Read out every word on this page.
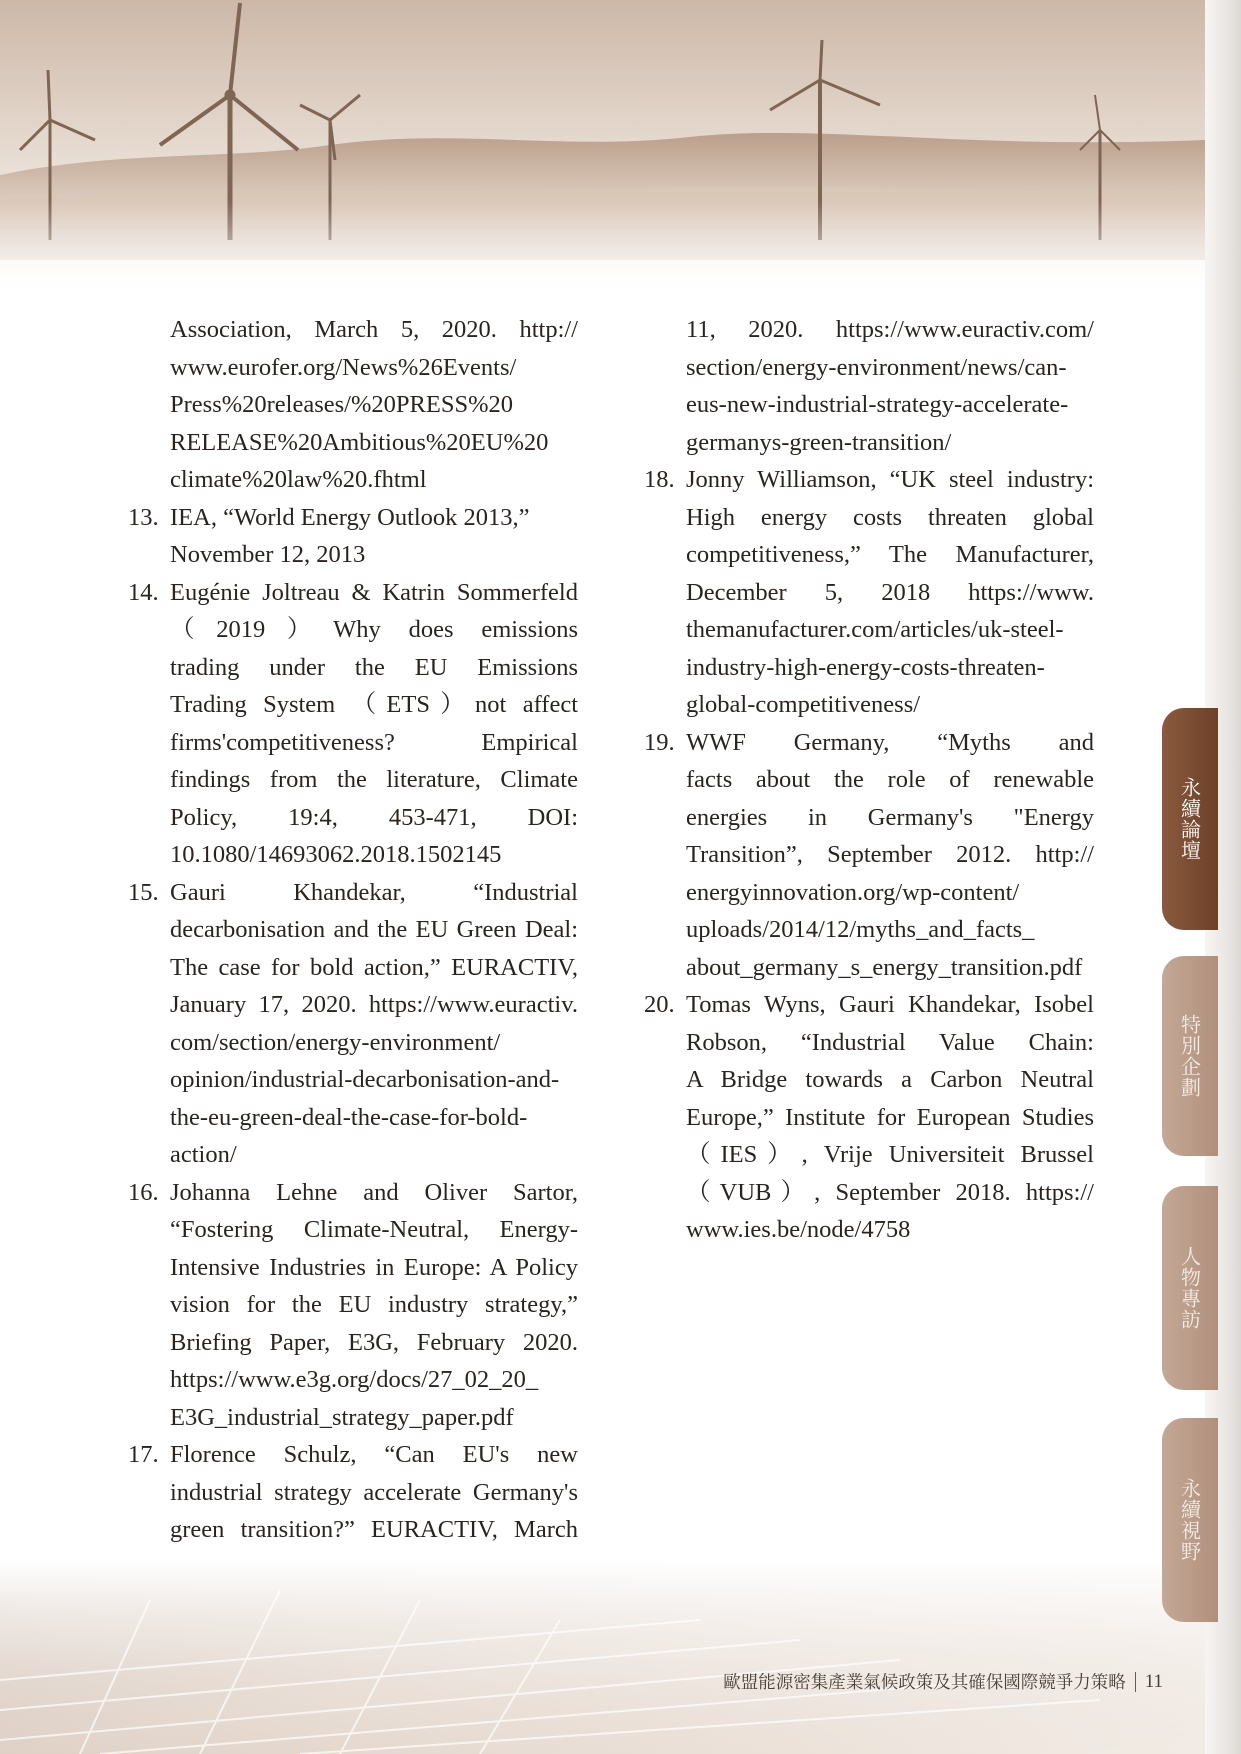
Association, March 5, 2020. http://
www.eurofer.org/News%26Events/
Press%20releases/%20PRESS%20
RELEASE%20Ambitious%20EU%20
climate%20law%20.fhtml
13. IEA, “World Energy Outlook 2013,”
November 12, 2013
14. Eugénie Joltreau & Katrin Sommerfeld
（2019）Why does emissions
trading under the EU Emissions
Trading System （ETS）not affect
firms'competitiveness? Empirical
findings from the literature, Climate
Policy, 19:4, 453-471, DOI:
10.1080/14693062.2018.1502145
15. Gauri Khandekar, “Industrial
decarbonisation and the EU Green Deal:
The case for bold action,” EURACTIV,
January 17, 2020. https://www.euractiv.
com/section/energy-environment/
opinion/industrial-decarbonisation-and-
the-eu-green-deal-the-case-for-bold-
action/
16. Johanna Lehne and Oliver Sartor,
“Fostering Climate-Neutral, Energy-
Intensive Industries in Europe: A Policy
vision for the EU industry strategy,”
Briefing Paper, E3G, February 2020.
https://www.e3g.org/docs/27_02_20_
E3G_industrial_strategy_paper.pdf
17. Florence Schulz, “Can EU's new
industrial strategy accelerate Germany's
green transition?” EURACTIV, March
11, 2020. https://www.euractiv.com/
section/energy-environment/news/can-
eus-new-industrial-strategy-accelerate-
germanys-green-transition/
18. Jonny Williamson, “UK steel industry:
High energy costs threaten global
competitiveness,” The Manufacturer,
December 5, 2018 https://www.
themanufacturer.com/articles/uk-steel-
industry-high-energy-costs-threaten-
global-competitiveness/
19. WWF Germany, “Myths and
facts about the role of renewable
energies in Germany's "Energy
Transition”, September 2012. http://
energyinnovation.org/wp-content/
uploads/2014/12/myths_and_facts_
about_germany_s_energy_transition.pdf
20. Tomas Wyns, Gauri Khandekar, Isobel
Robson, “Industrial Value Chain:
A Bridge towards a Carbon Neutral
Europe,” Institute for European Studies
（IES）, Vrije Universiteit Brussel
（VUB）, September 2018. https://
www.ies.be/node/4758
永續論壇
特別企劃
人物專訪
永續視野
歐盟能源密集產業氣候政策及其確保國際競爭力策略 11
